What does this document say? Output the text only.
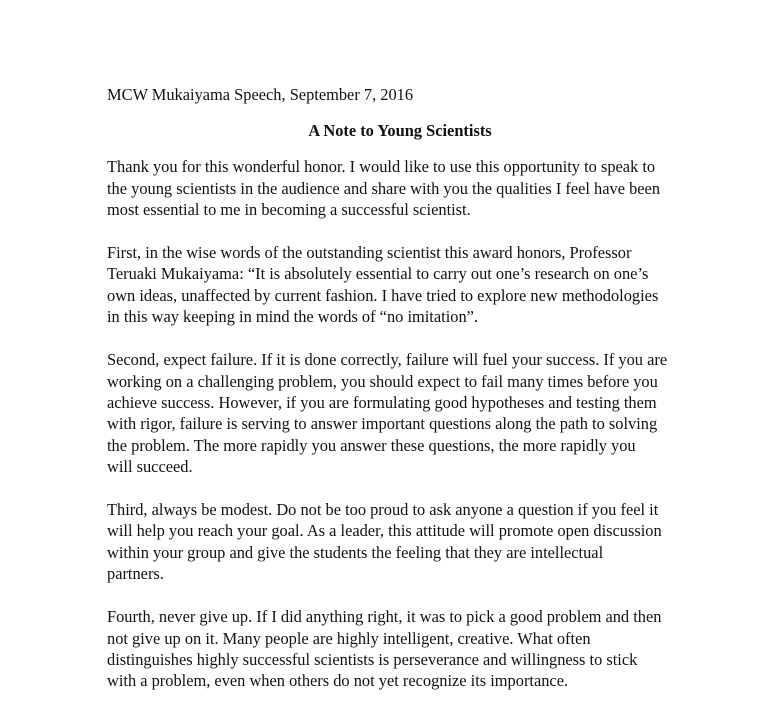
MCW Mukaiyama Speech, September 7, 2016

A Note to Young Scientists

Thank you for this wonderful honor. I would like to use this opportunity to speak to
the young scientists in the audience and share with you the qualities I feel have been
most essential to me in becoming a successful scientist.

First, in the wise words of the outstanding scientist this award honors, Professor
Teruaki Mukaiyama: “It is absolutely essential to carry out one’s research on one’s
own ideas, unaffected by current fashion. I have tried to explore new methodologies
in this way keeping in mind the words of “no imitation”.

Second, expect failure. If it is done correctly, failure will fuel your success. If you are
working on a challenging problem, you should expect to fail many times before you
achieve success. However, if you are formulating good hypotheses and testing them
with rigor, failure is serving to answer important questions along the path to solving
the problem. The more rapidly you answer these questions, the more rapidly you
will succeed.

Third, always be modest. Do not be too proud to ask anyone a question if you feel it
will help you reach your goal. As a leader, this attitude will promote open discussion
within your group and give the students the feeling that they are intellectual
partners.

Fourth, never give up. If I did anything right, it was to pick a good problem and then
not give up on it. Many people are highly intelligent, creative. What often
distinguishes highly successful scientists is perseverance and willingness to stick
with a problem, even when others do not yet recognize its importance.
